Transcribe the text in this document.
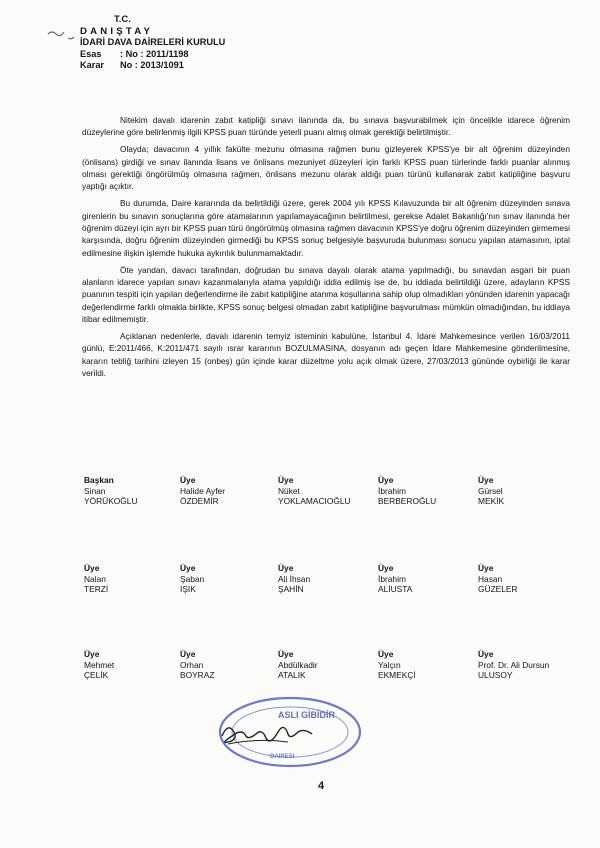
T.C.
DANIŞTAY
İDARİ DAVA DAİRELERİ KURULU
Esas	: No : 2011/1198
Karar	No : 2013/1091

Nitekim davalı idarenin zabıt katipliği sınavı ilanında da, bu sınava başvurabilmek için öncelikle idarece öğrenim düzeylerine göre belirlenmiş ilgili KPSS puan türünde yeterli puanı almış olmak gerektiği belirtilmiştir.

Olayda; davacının 4 yıllık fakülte mezunu olmasına rağmen bunu gizleyerek KPSS'ye bir alt öğrenim düzeyinden (önlisans) girdiği ve sınav ilanında lisans ve önlisans mezuniyet düzeyleri için farklı KPSS puan türlerinde farklı puanlar alınmış olması gerektiği öngörülmüş olmasına rağmen, önlisans mezunu olarak aldığı puan türünü kullanarak zabıt katipliğine başvuru yaptığı açıktır.

Bu durumda, Daire kararında da belirtildiği üzere, gerek 2004 yılı KPSS Kılavuzunda bir alt öğrenim düzeyinden sınava girenlerin bu sınavın sonuçlarına göre atamalarının yapılamayacağının belirtilmesi, gerekse Adalet Bakanlığı'nın sınav ilanında her öğrenim düzeyi için ayrı bir KPSS puan türü öngörülmüş olmasına rağmen davacının KPSS'ye doğru öğrenim düzeyinden girmemesi karşısında, doğru öğrenim düzeyinden girmediği bu KPSS sonuç belgesiyle başvuruda bulunması sonucu yapılan atamasının, iptal edilmesine ilişkin işlemde hukuka aykırılık bulunmamaktadır.

Öte yandan, davacı tarafından, doğrudan bu sınava dayalı olarak atama yapılmadığı, bu sınavdan asgari bir puan alanların idarece yapılan sınavı kazanmalarıyla atama yapıldığı iddia edilmiş ise de, bu iddiada belirtildiği üzere, adayların KPSS puanının tespiti için yapılan değerlendirme ile zabıt katipliğine atanma koşullarına sahip olup olmadıkları yönünden idarenin yapacağı değerlendirme farklı olmakla birlikte, KPSS sonuç belgesi olmadan zabıt katipliğine başvurulması mümkün olmadığından, bu iddiaya itibar edilmemiştir.

Açıklanan nedenlerle, davalı idarenin temyiz isteminin kabulüne, İstanbul 4. İdare Mahkemesince verilen 16/03/2011 günlü, E:2011/466, K:2011/471 sayılı ısrar kararının BOZULMASINA, dosyanın adı geçen İdare Mahkemesine gönderilmesine, kararın tebliğ tarihini izleyen 15 (onbeş) gün içinde karar düzeltme yolu açık olmak üzere, 27/03/2013 gününde oybirliği ile karar verildi.

Başkan
Sinan
YÖRÜKOĞLU
Üye
Halide Ayfer
ÖZDEMİR
Üye
Nüket
YOKLAMACIOĞLU
Üye
İbrahim
BERBEROĞLU
Üye
Gürsel
MEKİK
Üye
Nalan
TERZİ
Üye
Şaban
IŞIK
Üye
Ali İhsan
ŞAHİN
Üye
İbrahim
ALİUSTA
Üye
Hasan
GÜZELER
Üye
Mehmet
ÇELİK
Üye
Orhan
BOYRAZ
Üye
Abdülkadir
ATALIK
Üye
Yalçın
EKMEKÇİ
Üye
Prof. Dr. Ali Dursun
ULUSOY
ASLI GİBİDİR
DAİRESİ
4
